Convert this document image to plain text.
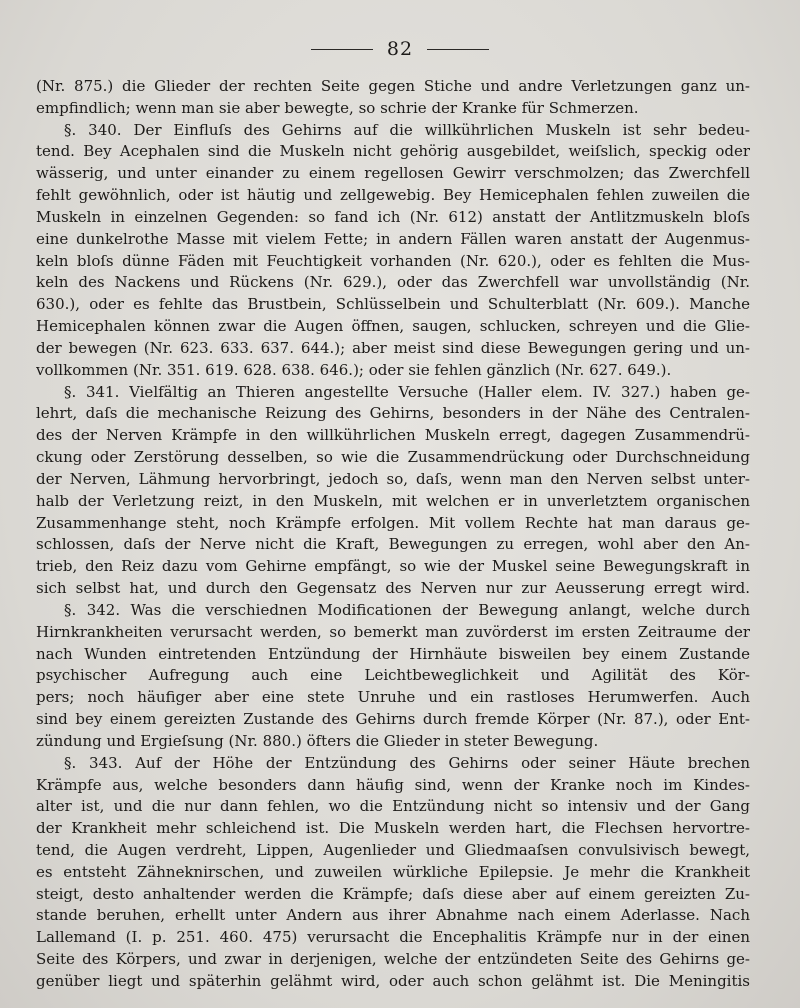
82
(Nr. 875.) die Glieder der rechten Seite gegen Stiche und andre Verletzungen ganz un-
empfindlich; wenn man sie aber bewegte, so schrie der Kranke für Schmerzen.
§. 340. Der Einfluſs des Gehirns auf die willkührlichen Muskeln ist sehr bedeu-
tend. Bey Acephalen sind die Muskeln nicht gehörig ausgebildet, weiſslich, speckig oder
wässerig, und unter einander zu einem regellosen Gewirr verschmolzen; das Zwerchfell
fehlt gewöhnlich, oder ist häutig und zellgewebig. Bey Hemicephalen fehlen zuweilen die
Muskeln in einzelnen Gegenden: so fand ich (Nr. 612) anstatt der Antlitzmuskeln bloſs
eine dunkelrothe Masse mit vielem Fette; in andern Fällen waren anstatt der Augenmus-
keln bloſs dünne Fäden mit Feuchtigkeit vorhanden (Nr. 620.), oder es fehlten die Mus-
keln des Nackens und Rückens (Nr. 629.), oder das Zwerchfell war unvollständig (Nr.
630.), oder es fehlte das Brustbein, Schlüsselbein und Schulterblatt (Nr. 609.). Manche
Hemicephalen können zwar die Augen öffnen, saugen, schlucken, schreyen und die Glie-
der bewegen (Nr. 623. 633. 637. 644.); aber meist sind diese Bewegungen gering und un-
vollkommen (Nr. 351. 619. 628. 638. 646.); oder sie fehlen gänzlich (Nr. 627. 649.).
§. 341. Vielfältig an Thieren angestellte Versuche (Haller elem. IV. 327.) haben ge-
lehrt, daſs die mechanische Reizung des Gehirns, besonders in der Nähe des Centralen-
des der Nerven Krämpfe in den willkührlichen Muskeln erregt, dagegen Zusammendrü-
ckung oder Zerstörung desselben, so wie die Zusammendrückung oder Durchschneidung
der Nerven, Lähmung hervorbringt, jedoch so, daſs, wenn man den Nerven selbst unter-
halb der Verletzung reizt, in den Muskeln, mit welchen er in unverletztem organischen
Zusammenhange steht, noch Krämpfe erfolgen. Mit vollem Rechte hat man daraus ge-
schlossen, daſs der Nerve nicht die Kraft, Bewegungen zu erregen, wohl aber den An-
trieb, den Reiz dazu vom Gehirne empfängt, so wie der Muskel seine Bewegungskraft in
sich selbst hat, und durch den Gegensatz des Nerven nur zur Aeusserung erregt wird.
§. 342. Was die verschiednen Modificationen der Bewegung anlangt, welche durch
Hirnkrankheiten verursacht werden, so bemerkt man zuvörderst im ersten Zeitraume der
nach Wunden eintretenden Entzündung der Hirnhäute bisweilen bey einem Zustande
psychischer Aufregung auch eine Leichtbeweglichkeit und Agilität des Kör-
pers; noch häufiger aber eine stete Unruhe und ein rastloses Herumwerfen. Auch
sind bey einem gereizten Zustande des Gehirns durch fremde Körper (Nr. 87.), oder Ent-
zündung und Ergieſsung (Nr. 880.) öfters die Glieder in steter Bewegung.
§. 343. Auf der Höhe der Entzündung des Gehirns oder seiner Häute brechen
Krämpfe aus, welche besonders dann häufig sind, wenn der Kranke noch im Kindes-
alter ist, und die nur dann fehlen, wo die Entzündung nicht so intensiv und der Gang
der Krankheit mehr schleichend ist. Die Muskeln werden hart, die Flechsen hervortre-
tend, die Augen verdreht, Lippen, Augenlieder und Gliedmaaſsen convulsivisch bewegt,
es entsteht Zähneknirschen, und zuweilen würkliche Epilepsie. Je mehr die Krankheit
steigt, desto anhaltender werden die Krämpfe; daſs diese aber auf einem gereizten Zu-
stande beruhen, erhellt unter Andern aus ihrer Abnahme nach einem Aderlasse. Nach
Lallemand (I. p. 251. 460. 475) verursacht die Encephalitis Krämpfe nur in der einen
Seite des Körpers, und zwar in derjenigen, welche der entzündeten Seite des Gehirns ge-
genüber liegt und späterhin gelähmt wird, oder auch schon gelähmt ist. Die Meningitis
